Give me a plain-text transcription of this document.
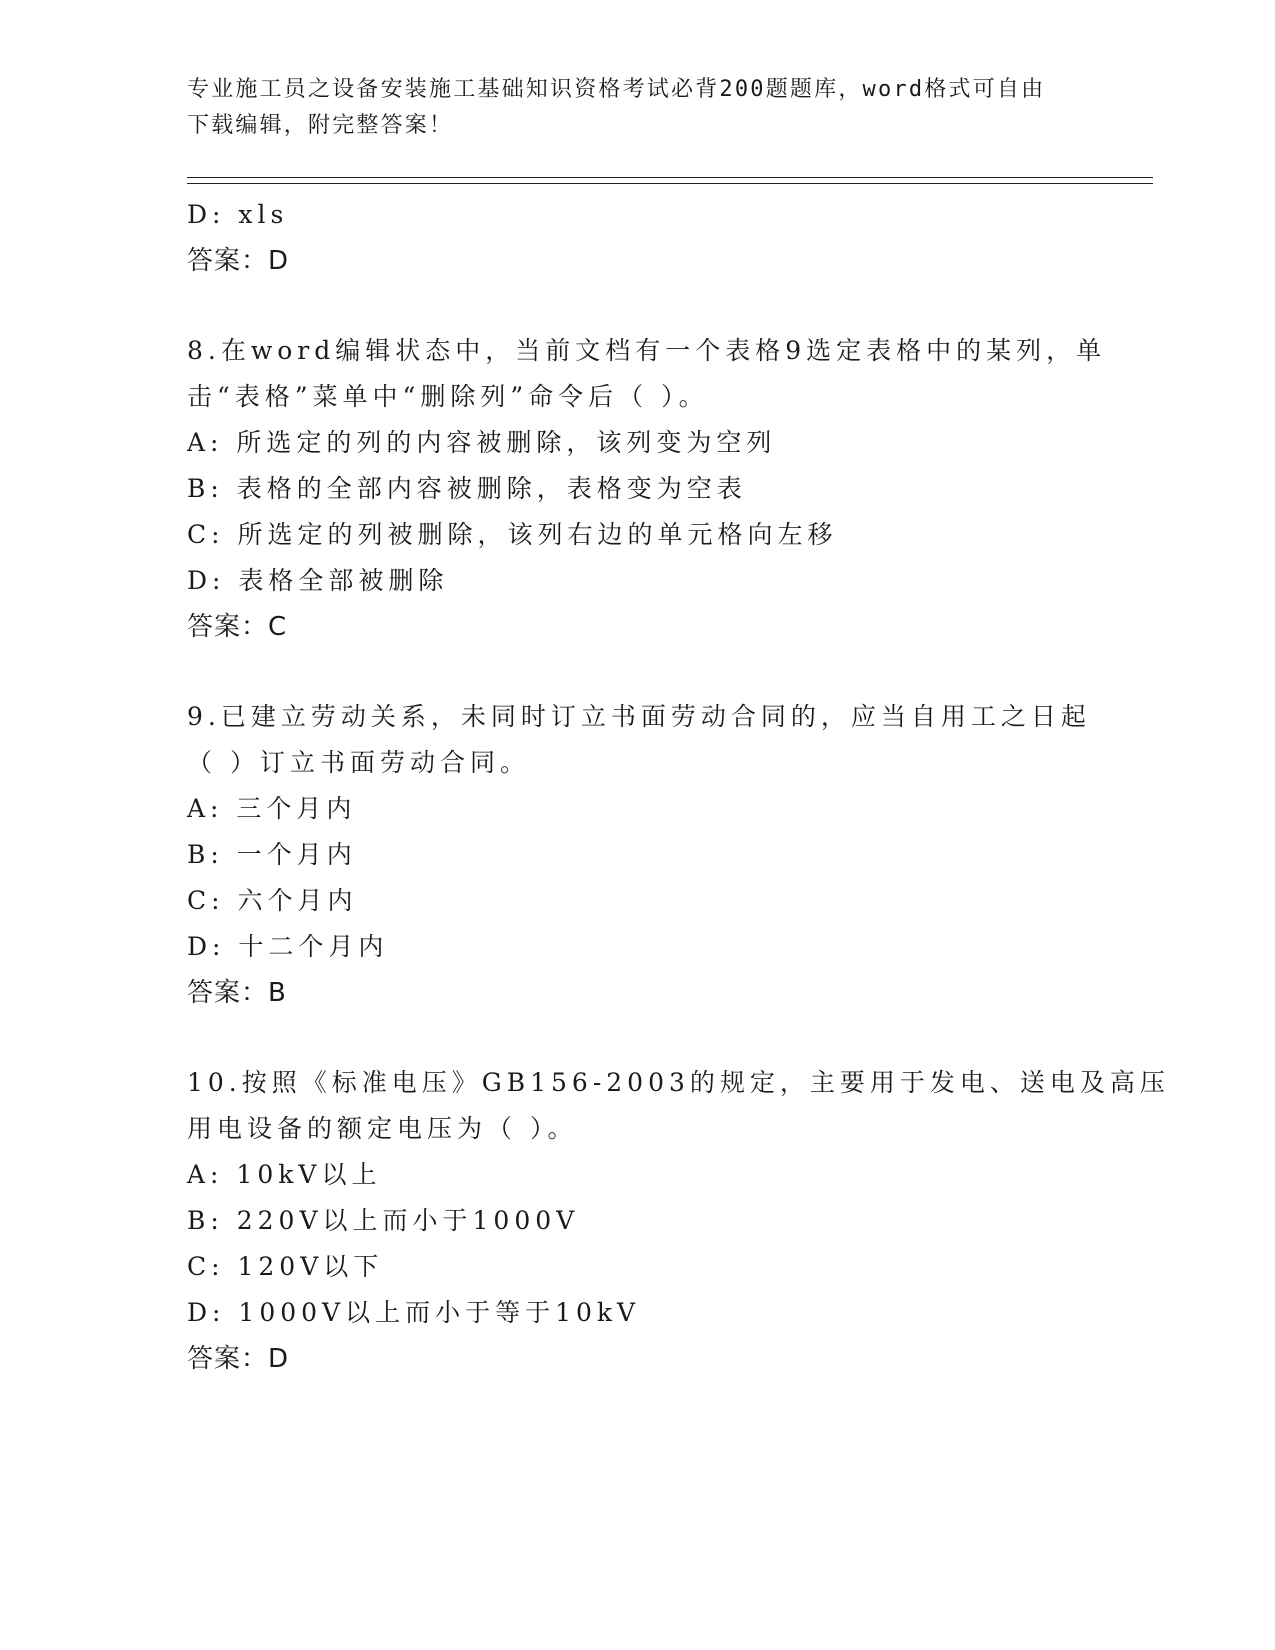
专业施工员之设备安装施工基础知识资格考试必背200题题库，word格式可自由
下载编辑，附完整答案！
D: xls
答案：D
8.在word编辑状态中，当前文档有一个表格9选定表格中的某列，单
击“表格”菜单中“删除列”命令后（ ）。
A: 所选定的列的内容被删除，该列变为空列
B: 表格的全部内容被删除，表格变为空表
C: 所选定的列被删除，该列右边的单元格向左移
D: 表格全部被删除
答案：C
9.已建立劳动关系，未同时订立书面劳动合同的，应当自用工之日起
（ ）订立书面劳动合同。
A: 三个月内
B: 一个月内
C: 六个月内
D: 十二个月内
答案：B
10.按照《标准电压》GB156-2003的规定，主要用于发电、送电及高压
用电设备的额定电压为（ ）。
A: 10kV以上
B: 220V以上而小于1000V
C: 120V以下
D: 1000V以上而小于等于10kV
答案：D
